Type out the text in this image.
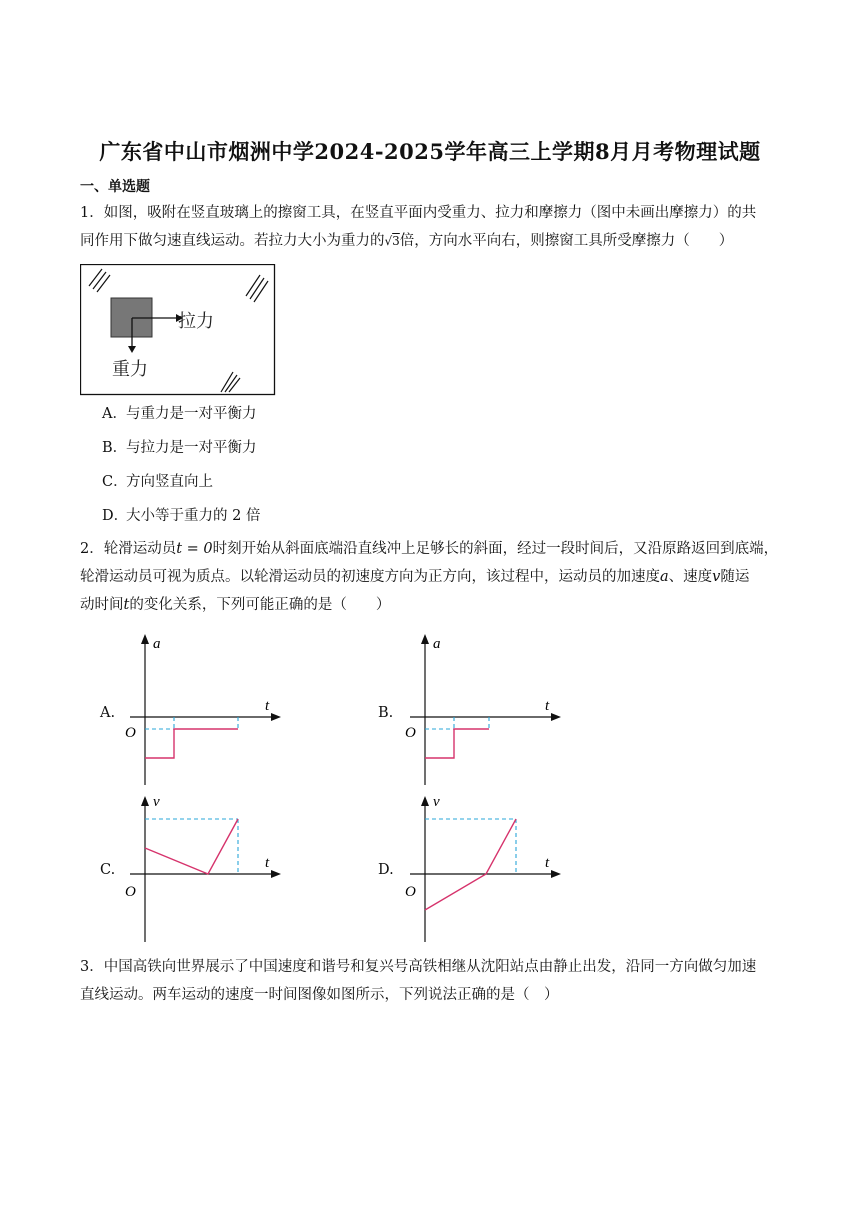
广东省中山市烟洲中学2024-2025学年高三上学期8月月考物理试题
一、单选题
1．如图，吸附在竖直玻璃上的擦窗工具，在竖直平面内受重力、拉力和摩擦力（图中未画出摩擦力）的共
同作用下做匀速直线运动。若拉力大小为重力的√3倍，方向水平向右，则擦窗工具所受摩擦力（　　）
拉力
重力
A．与重力是一对平衡力
B．与拉力是一对平衡力
C．方向竖直向上
D．大小等于重力的 2 倍
2．轮滑运动员t = 0时刻开始从斜面底端沿直线冲上足够长的斜面，经过一段时间后，又沿原路返回到底端，
轮滑运动员可视为质点。以轮滑运动员的初速度方向为正方向，该过程中，运动员的加速度a、速度v随运
动时间t的变化关系，下列可能正确的是（　　）
A.
a
t
O
B.
a
t
O
C.
v
t
O
D.
v
t
O
3．中国高铁向世界展示了中国速度和谐号和复兴号高铁相继从沈阳站点由静止出发，沿同一方向做匀加速
直线运动。两车运动的速度一时间图像如图所示，下列说法正确的是（　）
